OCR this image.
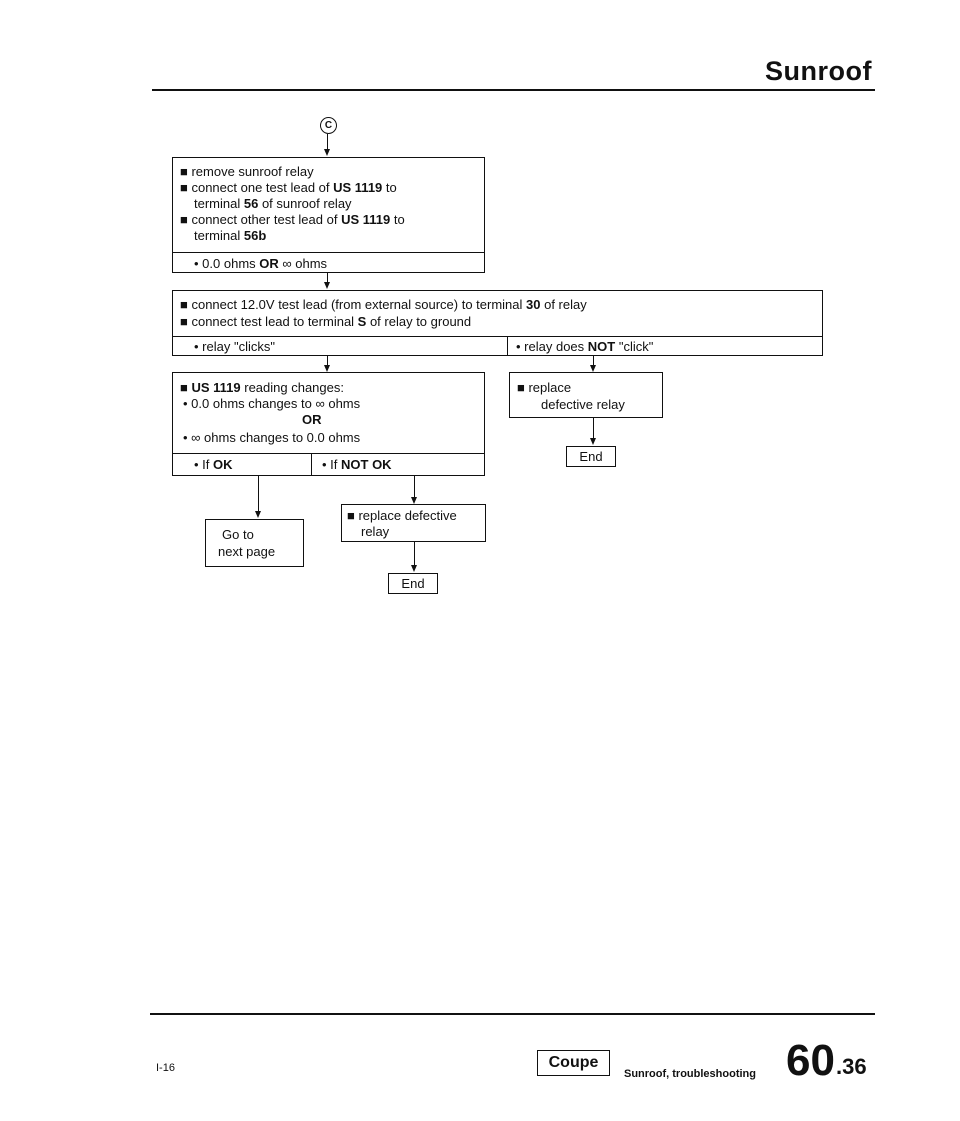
Sunroof
C
■ remove sunroof relay
■ connect one test lead of US 1119 to
terminal 56 of sunroof relay
■ connect other test lead of US 1119 to
terminal 56b
• 0.0 ohms OR ∞ ohms
■ connect 12.0V test lead (from external source) to terminal 30 of relay
■ connect test lead to terminal S of relay to ground
• relay "clicks"	• relay does NOT "click"
■ US 1119 reading changes:
• 0.0 ohms changes to ∞ ohms
OR
• ∞ ohms changes to 0.0 ohms
• If OK	• If NOT OK
■ replace
defective relay
End
Go to
next page
■ replace defective
relay
End
I-16	Coupe
Sunroof, troubleshooting 60 .36
